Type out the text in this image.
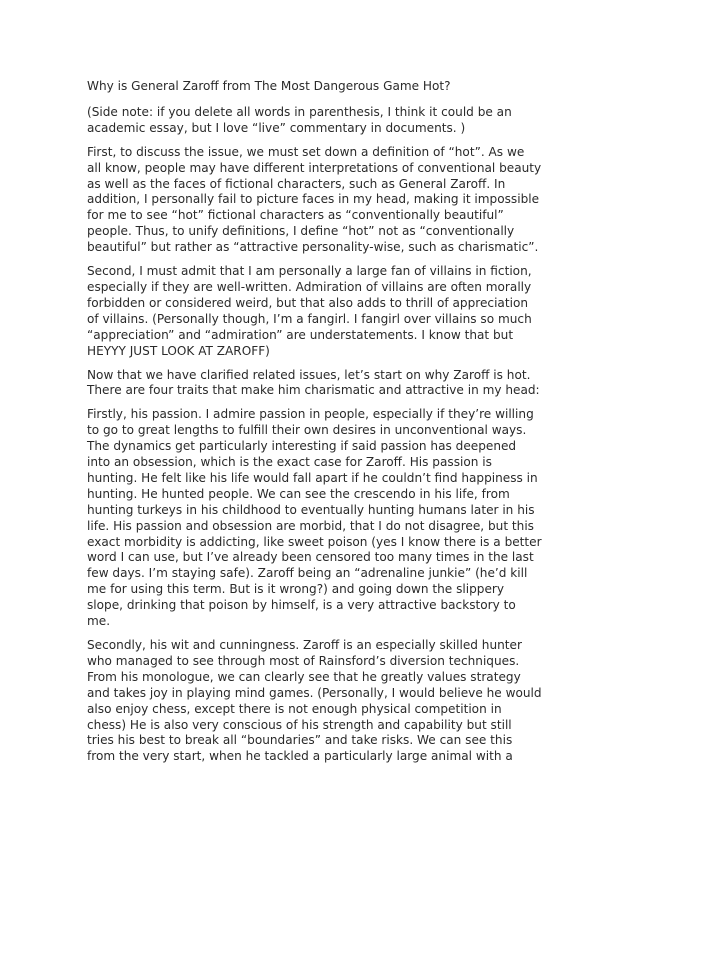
Why is General Zaroff from The Most Dangerous Game Hot?

(Side note: if you delete all words in parenthesis, I think it could be an
academic essay, but I love “live” commentary in documents. )

First, to discuss the issue, we must set down a definition of “hot”. As we
all know, people may have different interpretations of conventional beauty
as well as the faces of fictional characters, such as General Zaroff. In
addition, I personally fail to picture faces in my head, making it impossible
for me to see “hot” fictional characters as “conventionally beautiful”
people. Thus, to unify definitions, I define “hot” not as “conventionally
beautiful” but rather as “attractive personality-wise, such as charismatic”.

Second, I must admit that I am personally a large fan of villains in fiction,
especially if they are well-written. Admiration of villains are often morally
forbidden or considered weird, but that also adds to thrill of appreciation
of villains. (Personally though, I’m a fangirl. I fangirl over villains so much
“appreciation” and “admiration” are understatements. I know that but
HEYYY JUST LOOK AT ZAROFF)

Now that we have clarified related issues, let’s start on why Zaroff is hot.
There are four traits that make him charismatic and attractive in my head:

Firstly, his passion. I admire passion in people, especially if they’re willing
to go to great lengths to fulfill their own desires in unconventional ways.
The dynamics get particularly interesting if said passion has deepened
into an obsession, which is the exact case for Zaroff. His passion is
hunting. He felt like his life would fall apart if he couldn’t find happiness in
hunting. He hunted people. We can see the crescendo in his life, from
hunting turkeys in his childhood to eventually hunting humans later in his
life. His passion and obsession are morbid, that I do not disagree, but this
exact morbidity is addicting, like sweet poison (yes I know there is a better
word I can use, but I’ve already been censored too many times in the last
few days. I’m staying safe). Zaroff being an “adrenaline junkie” (he’d kill
me for using this term. But is it wrong?) and going down the slippery
slope, drinking that poison by himself, is a very attractive backstory to
me.

Secondly, his wit and cunningness. Zaroff is an especially skilled hunter
who managed to see through most of Rainsford’s diversion techniques.
From his monologue, we can clearly see that he greatly values strategy
and takes joy in playing mind games. (Personally, I would believe he would
also enjoy chess, except there is not enough physical competition in
chess) He is also very conscious of his strength and capability but still
tries his best to break all “boundaries” and take risks. We can see this
from the very start, when he tackled a particularly large animal with a
